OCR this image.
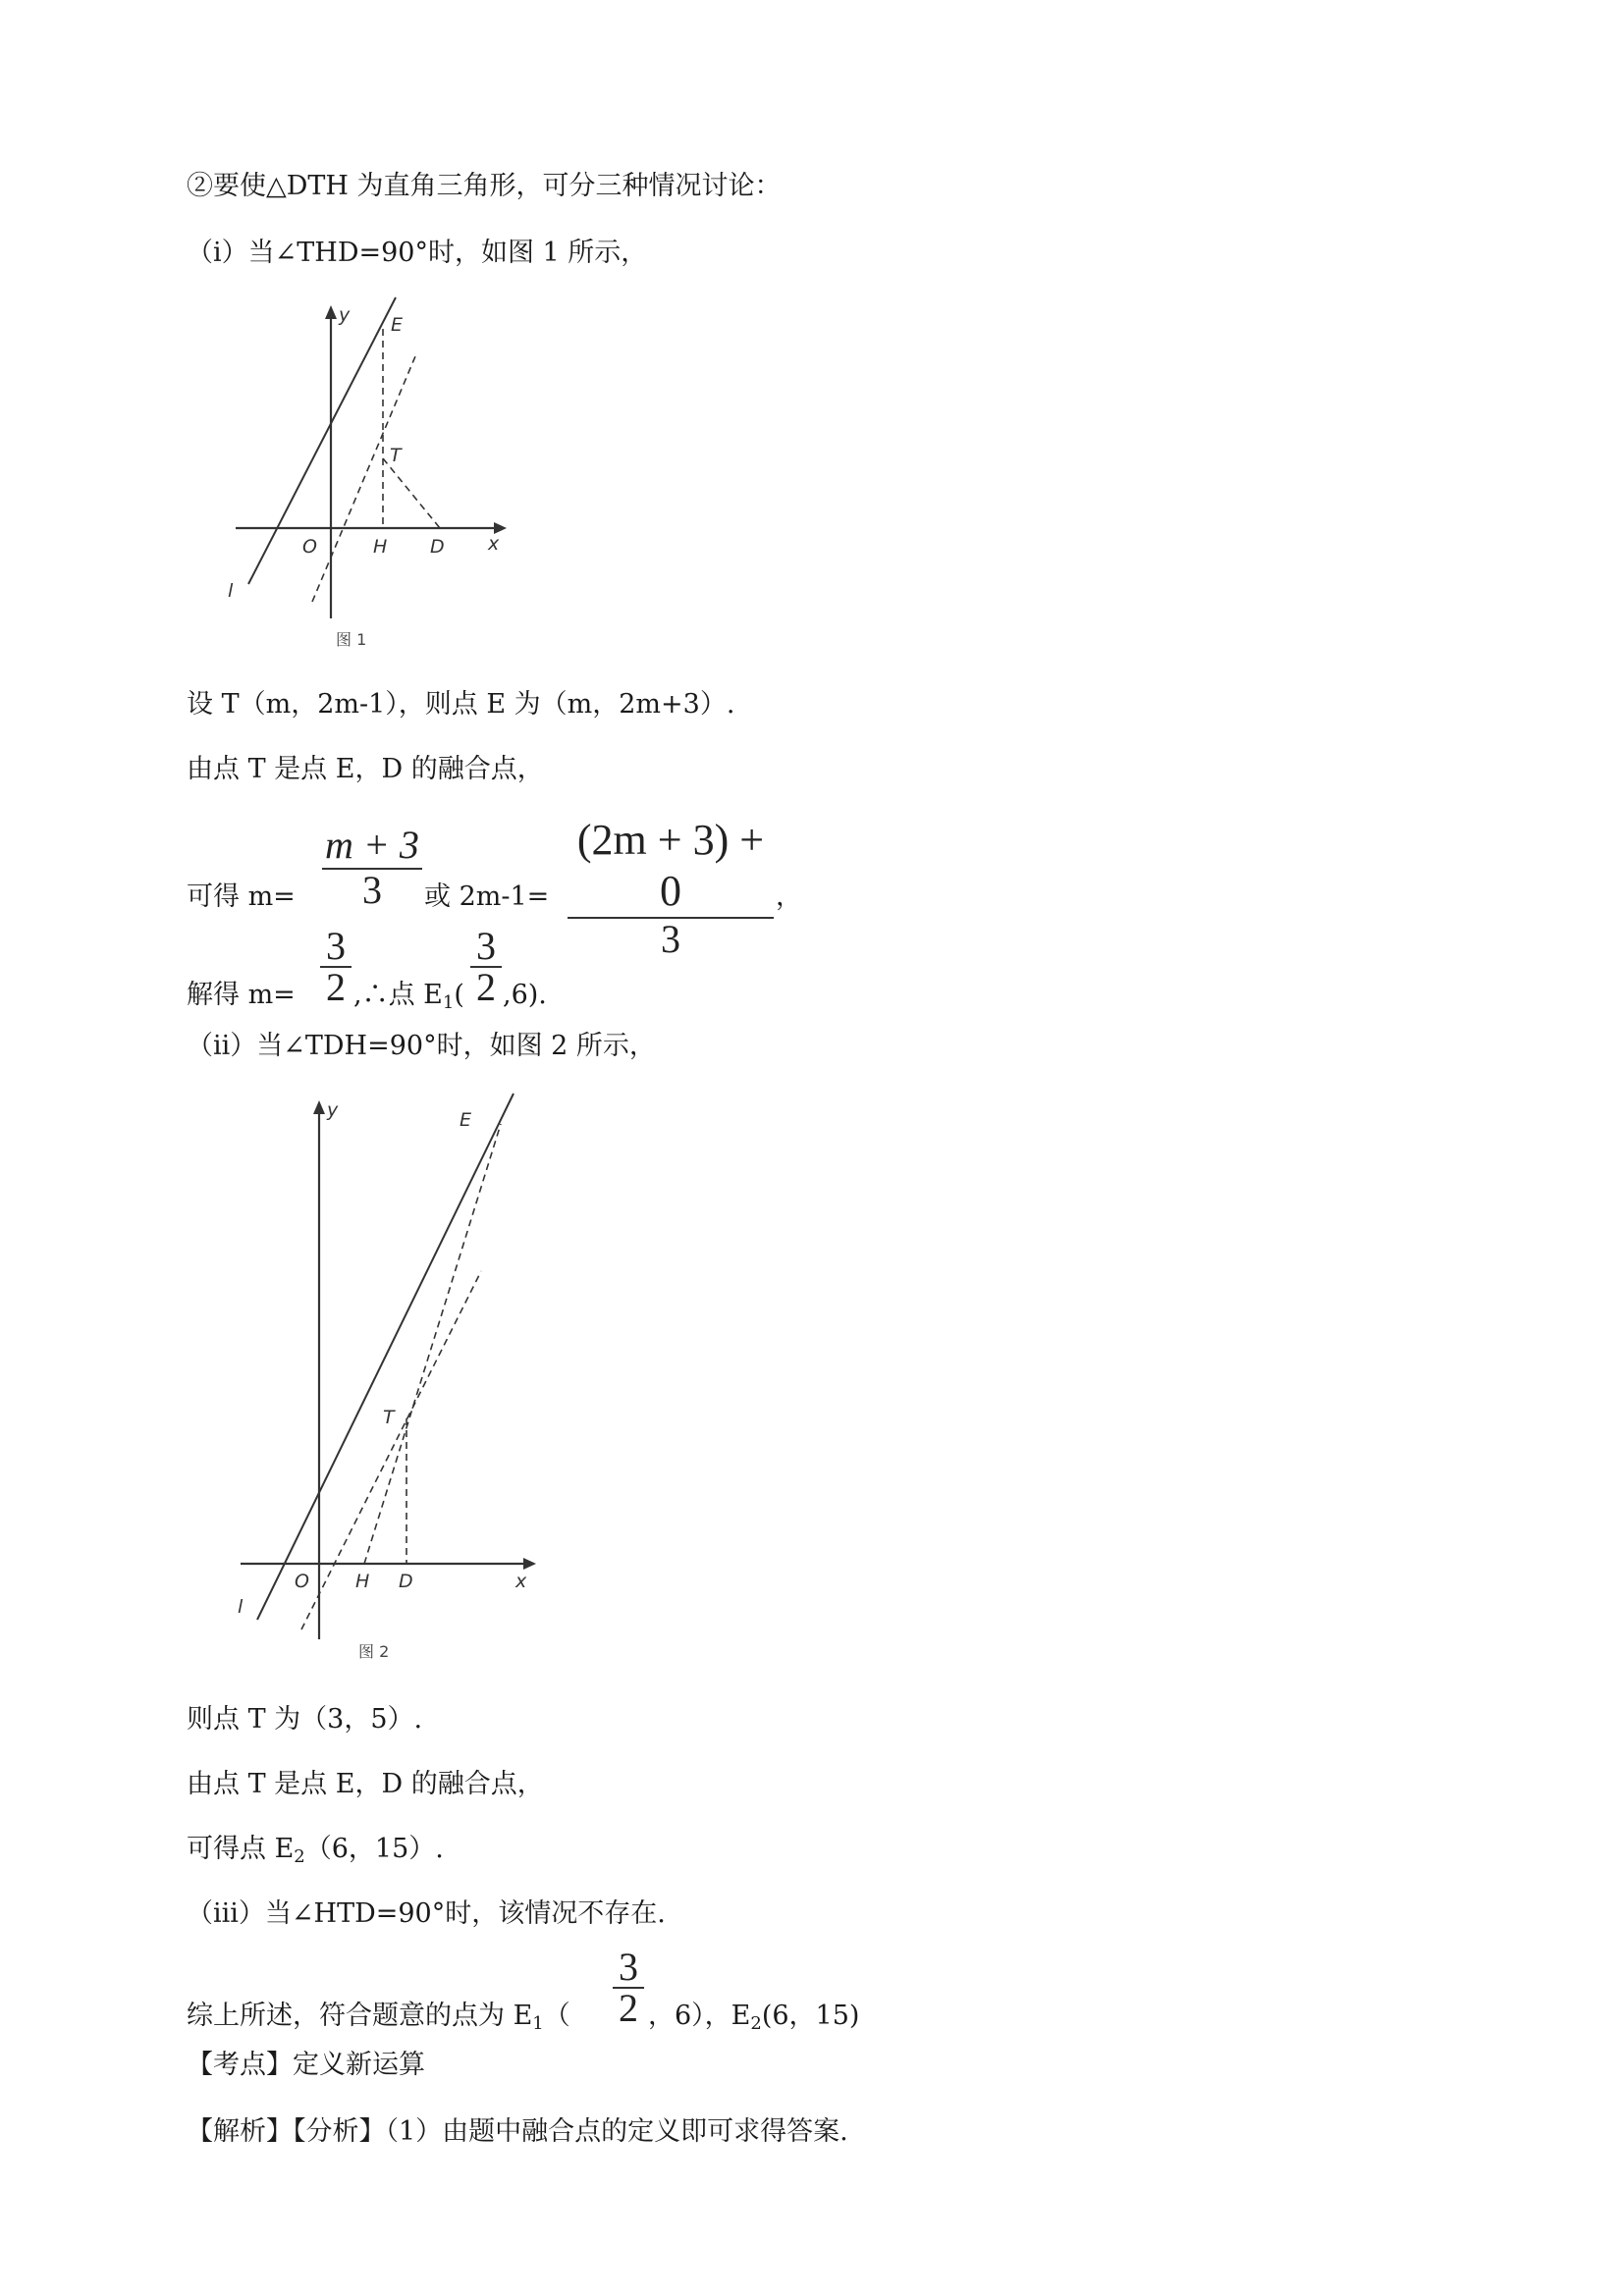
②要使△DTH 为直角三角形，可分三种情况讨论：
（i）当∠THD=90°时，如图 1 所示，
y
x
E
T
O	H D
l
图 1
设 T（m，2m-1），则点 E 为（m，2m+3）.
由点 T 是点 E，D 的融合点，
可得 m=
m + 3
3	或 2m-1=
(2m + 3) + 0
3
，
解得 m=
3
2 ,∴点 $E_1$(
3
2 ,6).
（ii）当∠TDH=90°时，如图 2 所示，
y
x
E
T
O H D
l
图 2
则点 T 为（3，5）.
由点 T 是点 E，D 的融合点，
可得点 $E_2(6$，15）.
（iii）当∠HTD=90°时，该情况不存在.
综上所述，符合题意的点为 $E_1$（
3
2 ，6），$E_2(6$，15)
【考点】定义新运算
【解析】【分析】（1）由题中融合点的定义即可求得答案.
